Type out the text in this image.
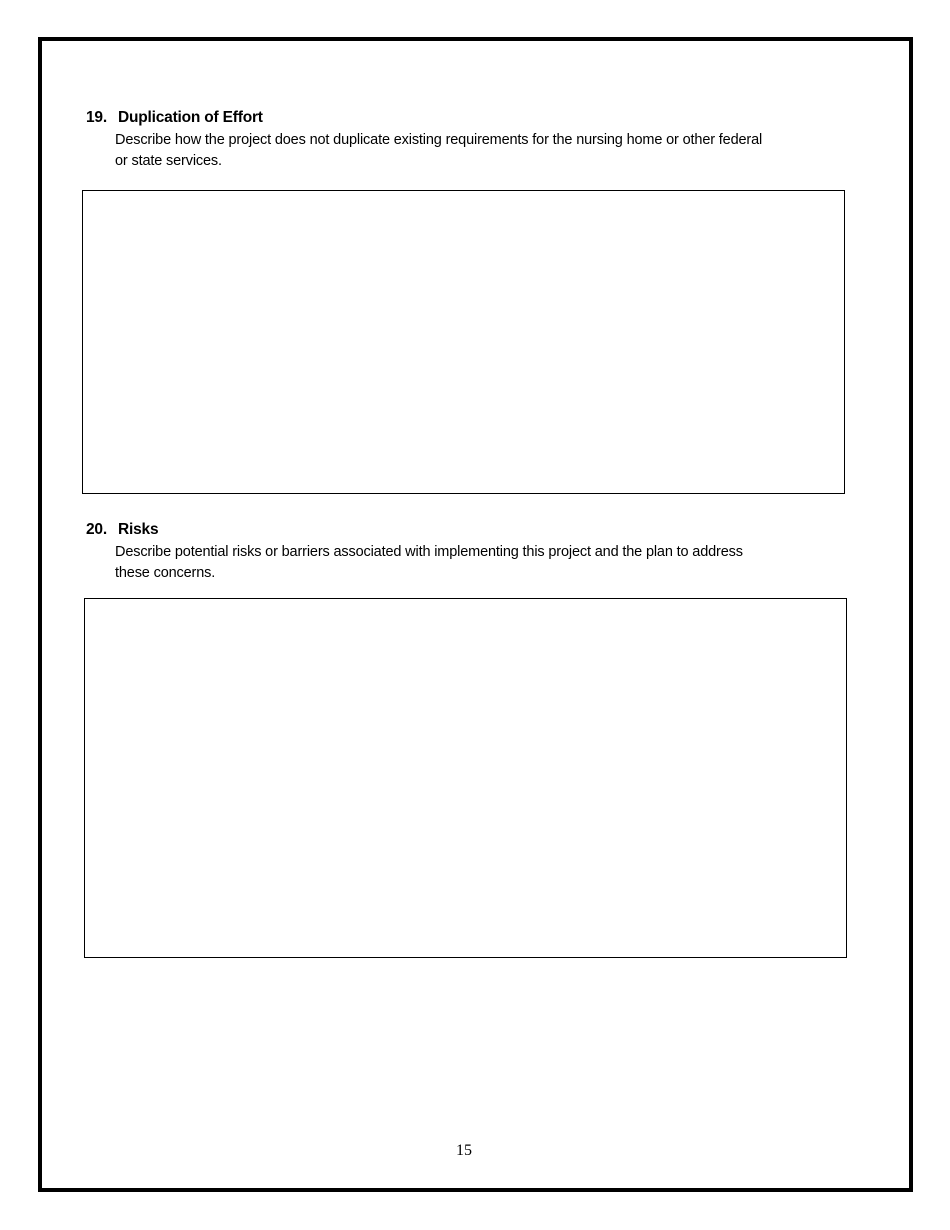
19. Duplication of Effort
Describe how the project does not duplicate existing requirements for the nursing home or other federal or state services.
20. Risks
Describe potential risks or barriers associated with implementing this project and the plan to address these concerns.
15
